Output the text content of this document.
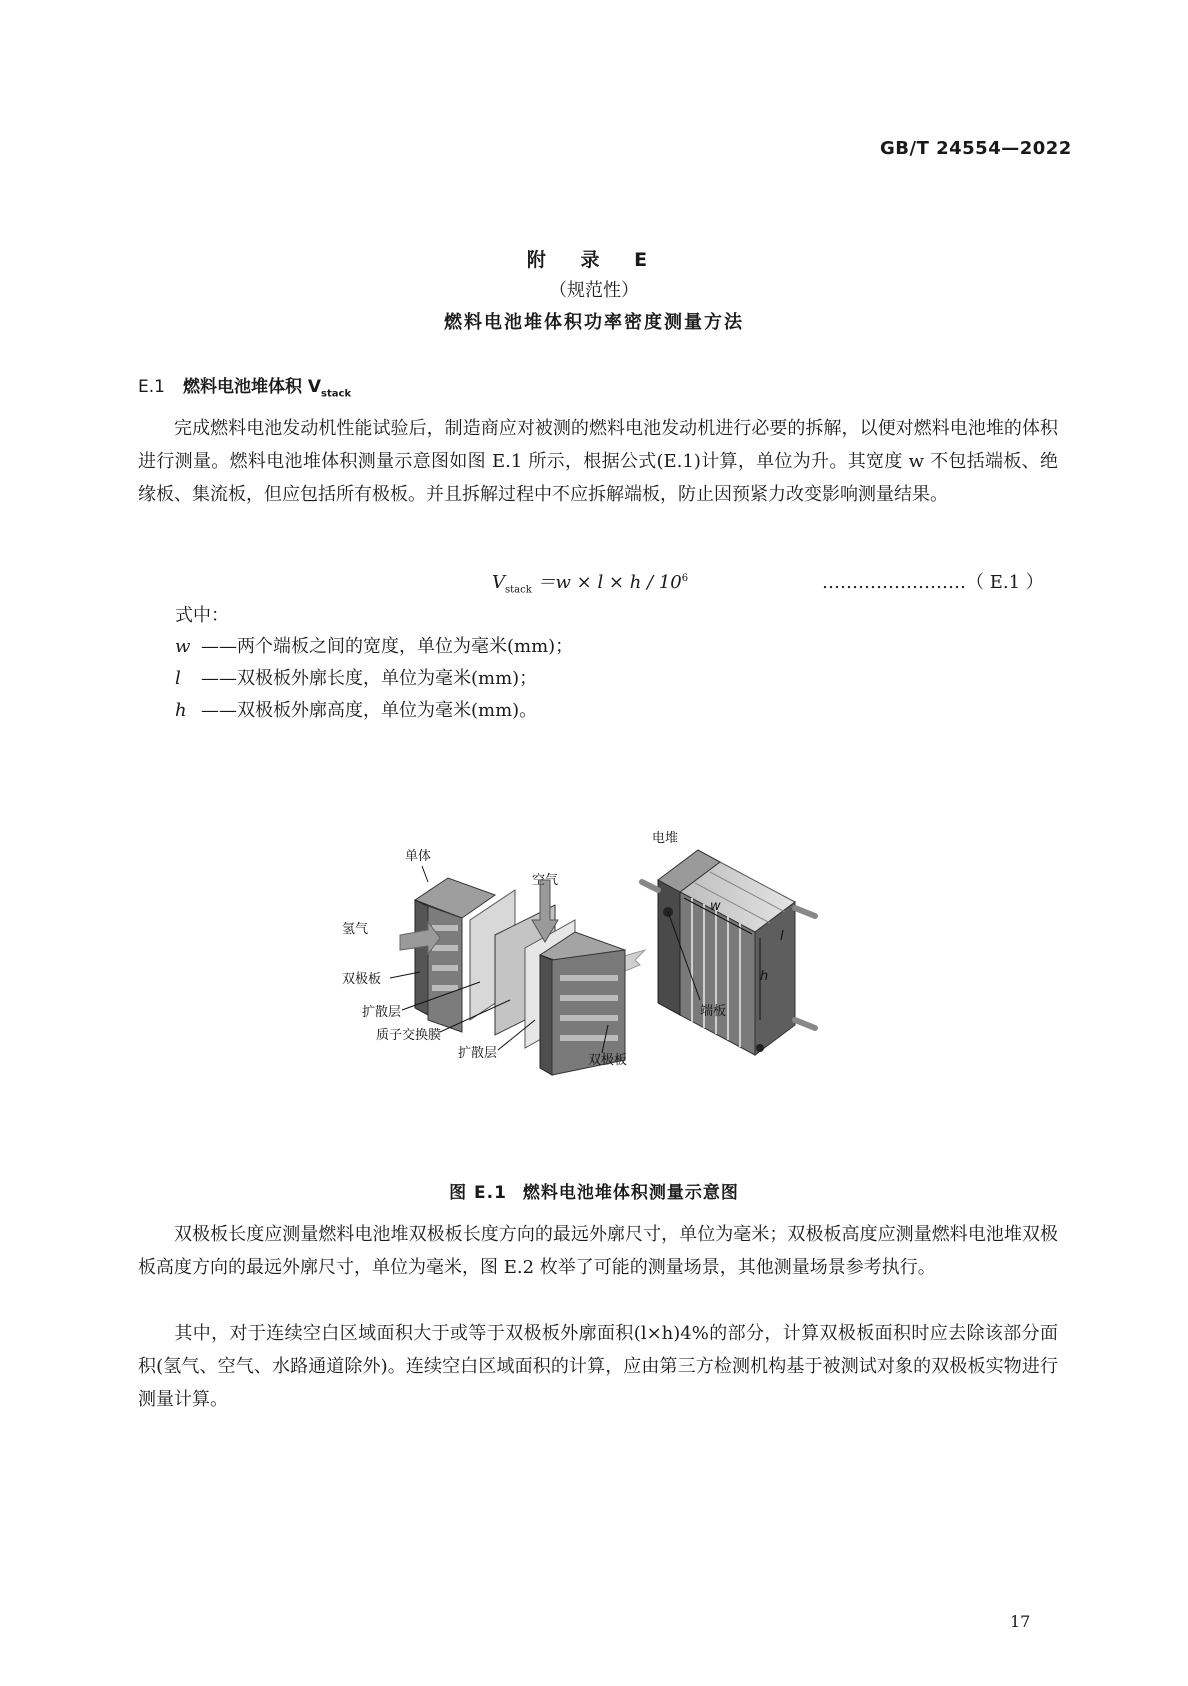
GB/T 24554—2022
附 录 E
（规范性）
燃料电池堆体积功率密度测量方法
E.1 燃料电池堆体积 $V_{stack}$
完成燃料电池发动机性能试验后，制造商应对被测的燃料电池发动机进行必要的拆解，以便对燃料电池堆的体积进行测量。燃料电池堆体积测量示意图如图 E.1 所示，根据公式(E.1)计算，单位为升。其宽度 w 不包括端板、绝缘板、集流板，但应包括所有极板。并且拆解过程中不应拆解端板，防止因预紧力改变影响测量结果。
$V_{stack} =w \times l \times h / 10^6$	……………………（ E.1 ）
式中：
w ——两个端板之间的宽度，单位为毫米(mm)；
l ——双极板外廓长度，单位为毫米(mm)；
h ——双极板外廓高度，单位为毫米(mm)。
电堆
w
l
h
端板
单体
空气
氢气
双极板
扩散层
质子交换膜
扩散层	双极板
图 E.1 燃料电池堆体积测量示意图
双极板长度应测量燃料电池堆双极板长度方向的最远外廓尺寸，单位为毫米；双极板高度应测量燃料电池堆双极板高度方向的最远外廓尺寸，单位为毫米，图 E.2 枚举了可能的测量场景，其他测量场景参考执行。
其中，对于连续空白区域面积大于或等于双极板外廓面积(l×h)4%的部分，计算双极板面积时应去除该部分面积(氢气、空气、水路通道除外)。连续空白区域面积的计算，应由第三方检测机构基于被测试对象的双极板实物进行测量计算。
17
